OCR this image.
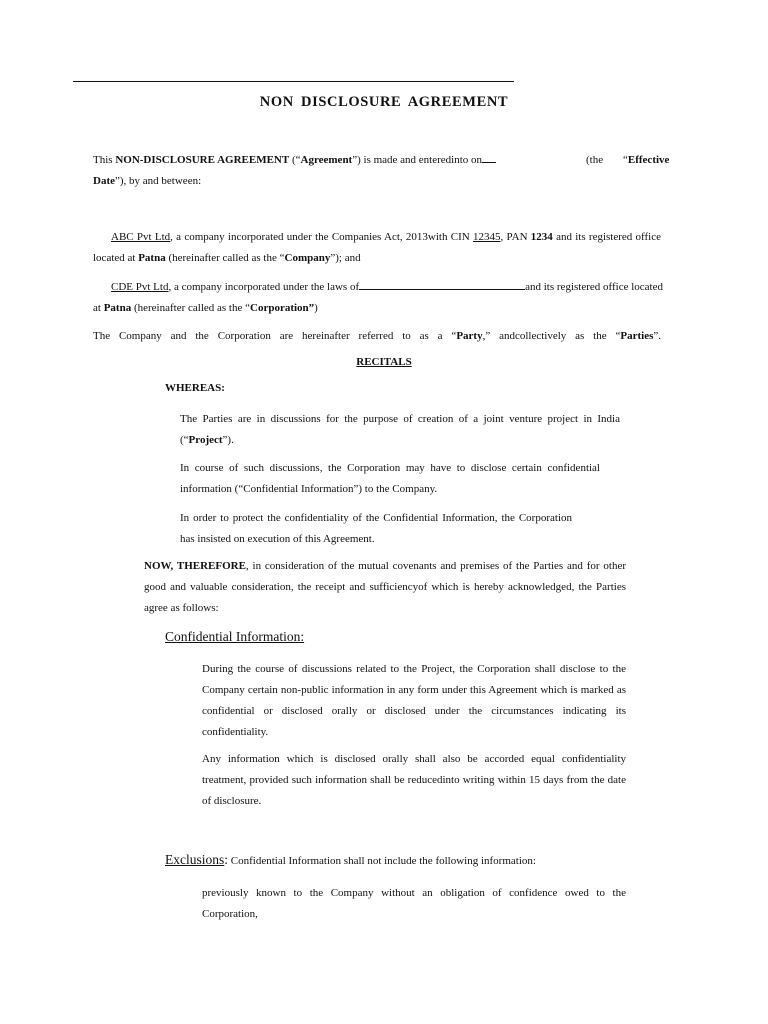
NON DISCLOSURE AGREEMENT
This NON-DISCLOSURE AGREEMENT (“Agreement”) is made and enteredinto on	(the “Effective
Date”), by and between:
ABC Pvt Ltd, a company incorporated under the Companies Act, 2013with CIN 12345, PAN 1234 and its registered office located at Patna (hereinafter called as the “Company”); and
CDE Pvt Ltd, a company incorporated under the laws of	and its registered office located at Patna (hereinafter called as the “Corporation”)
The Company and the Corporation are hereinafter referred to as a “Party,” andcollectively as the “Parties”.
RECITALS
WHEREAS:
The Parties are in discussions for the purpose of creation of a joint venture project in India (“Project”).
In course of such discussions, the Corporation may have to disclose certain confidential information (“Confidential Information”) to the Company.
In order to protect the confidentiality of the Confidential Information, the Corporation has insisted on execution of this Agreement.
NOW, THEREFORE, in consideration of the mutual covenants and premises of the Parties and for other good and valuable consideration, the receipt and sufficiencyof which is hereby acknowledged, the Parties agree as follows:
Confidential Information:
During the course of discussions related to the Project, the Corporation shall disclose to the Company certain non-public information in any form under this Agreement which is marked as confidential or disclosed orally or disclosed under the circumstances indicating its confidentiality.
Any information which is disclosed orally shall also be accorded equal confidentiality treatment, provided such information shall be reducedinto writing within 15 days from the date of disclosure.
Exclusions: Confidential Information shall not include the following information:
previously known to the Company without an obligation of confidence owed to the Corporation,
